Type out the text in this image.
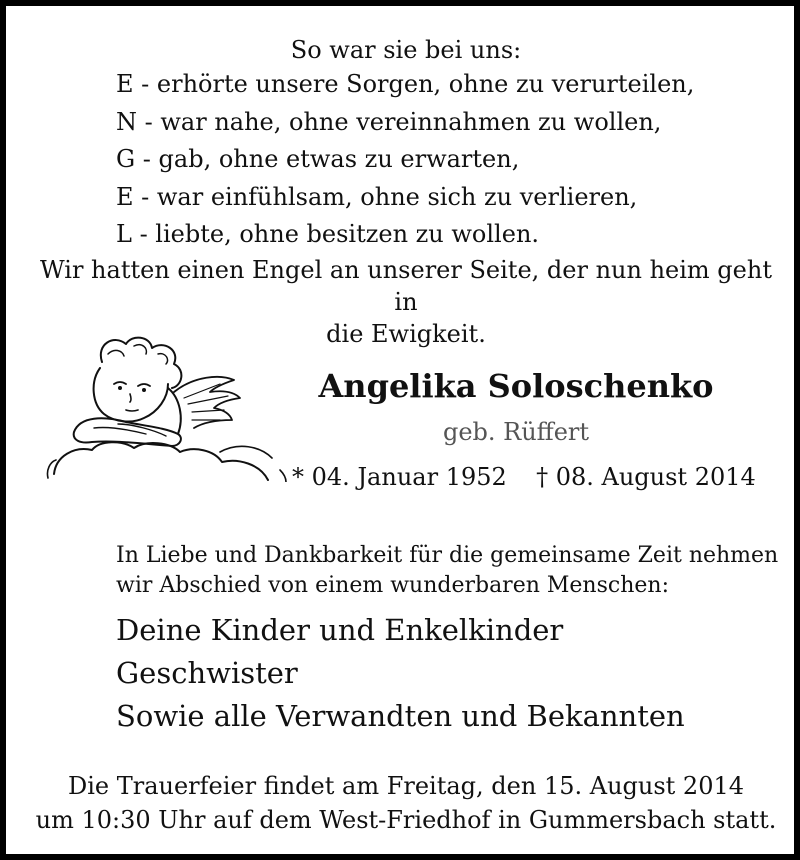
So war sie bei uns:
E - erhörte unsere Sorgen, ohne zu verurteilen,
N - war nahe, ohne vereinnahmen zu wollen,
G - gab, ohne etwas zu erwarten,
E - war einfühlsam, ohne sich zu verlieren,
L - liebte, ohne besitzen zu wollen.
Wir hatten einen Engel an unserer Seite, der nun heim geht in
die Ewigkeit.
Angelika Soloschenko
geb. Rüffert
* 04. Januar 1952 † 08. August 2014
In Liebe und Dankbarkeit für die gemeinsame Zeit nehmen
wir Abschied von einem wunderbaren Menschen:
Deine Kinder und Enkelkinder
Geschwister
Sowie alle Verwandten und Bekannten
Die Trauerfeier findet am Freitag, den 15. August 2014
um 10:30 Uhr auf dem West-Friedhof in Gummersbach statt.
